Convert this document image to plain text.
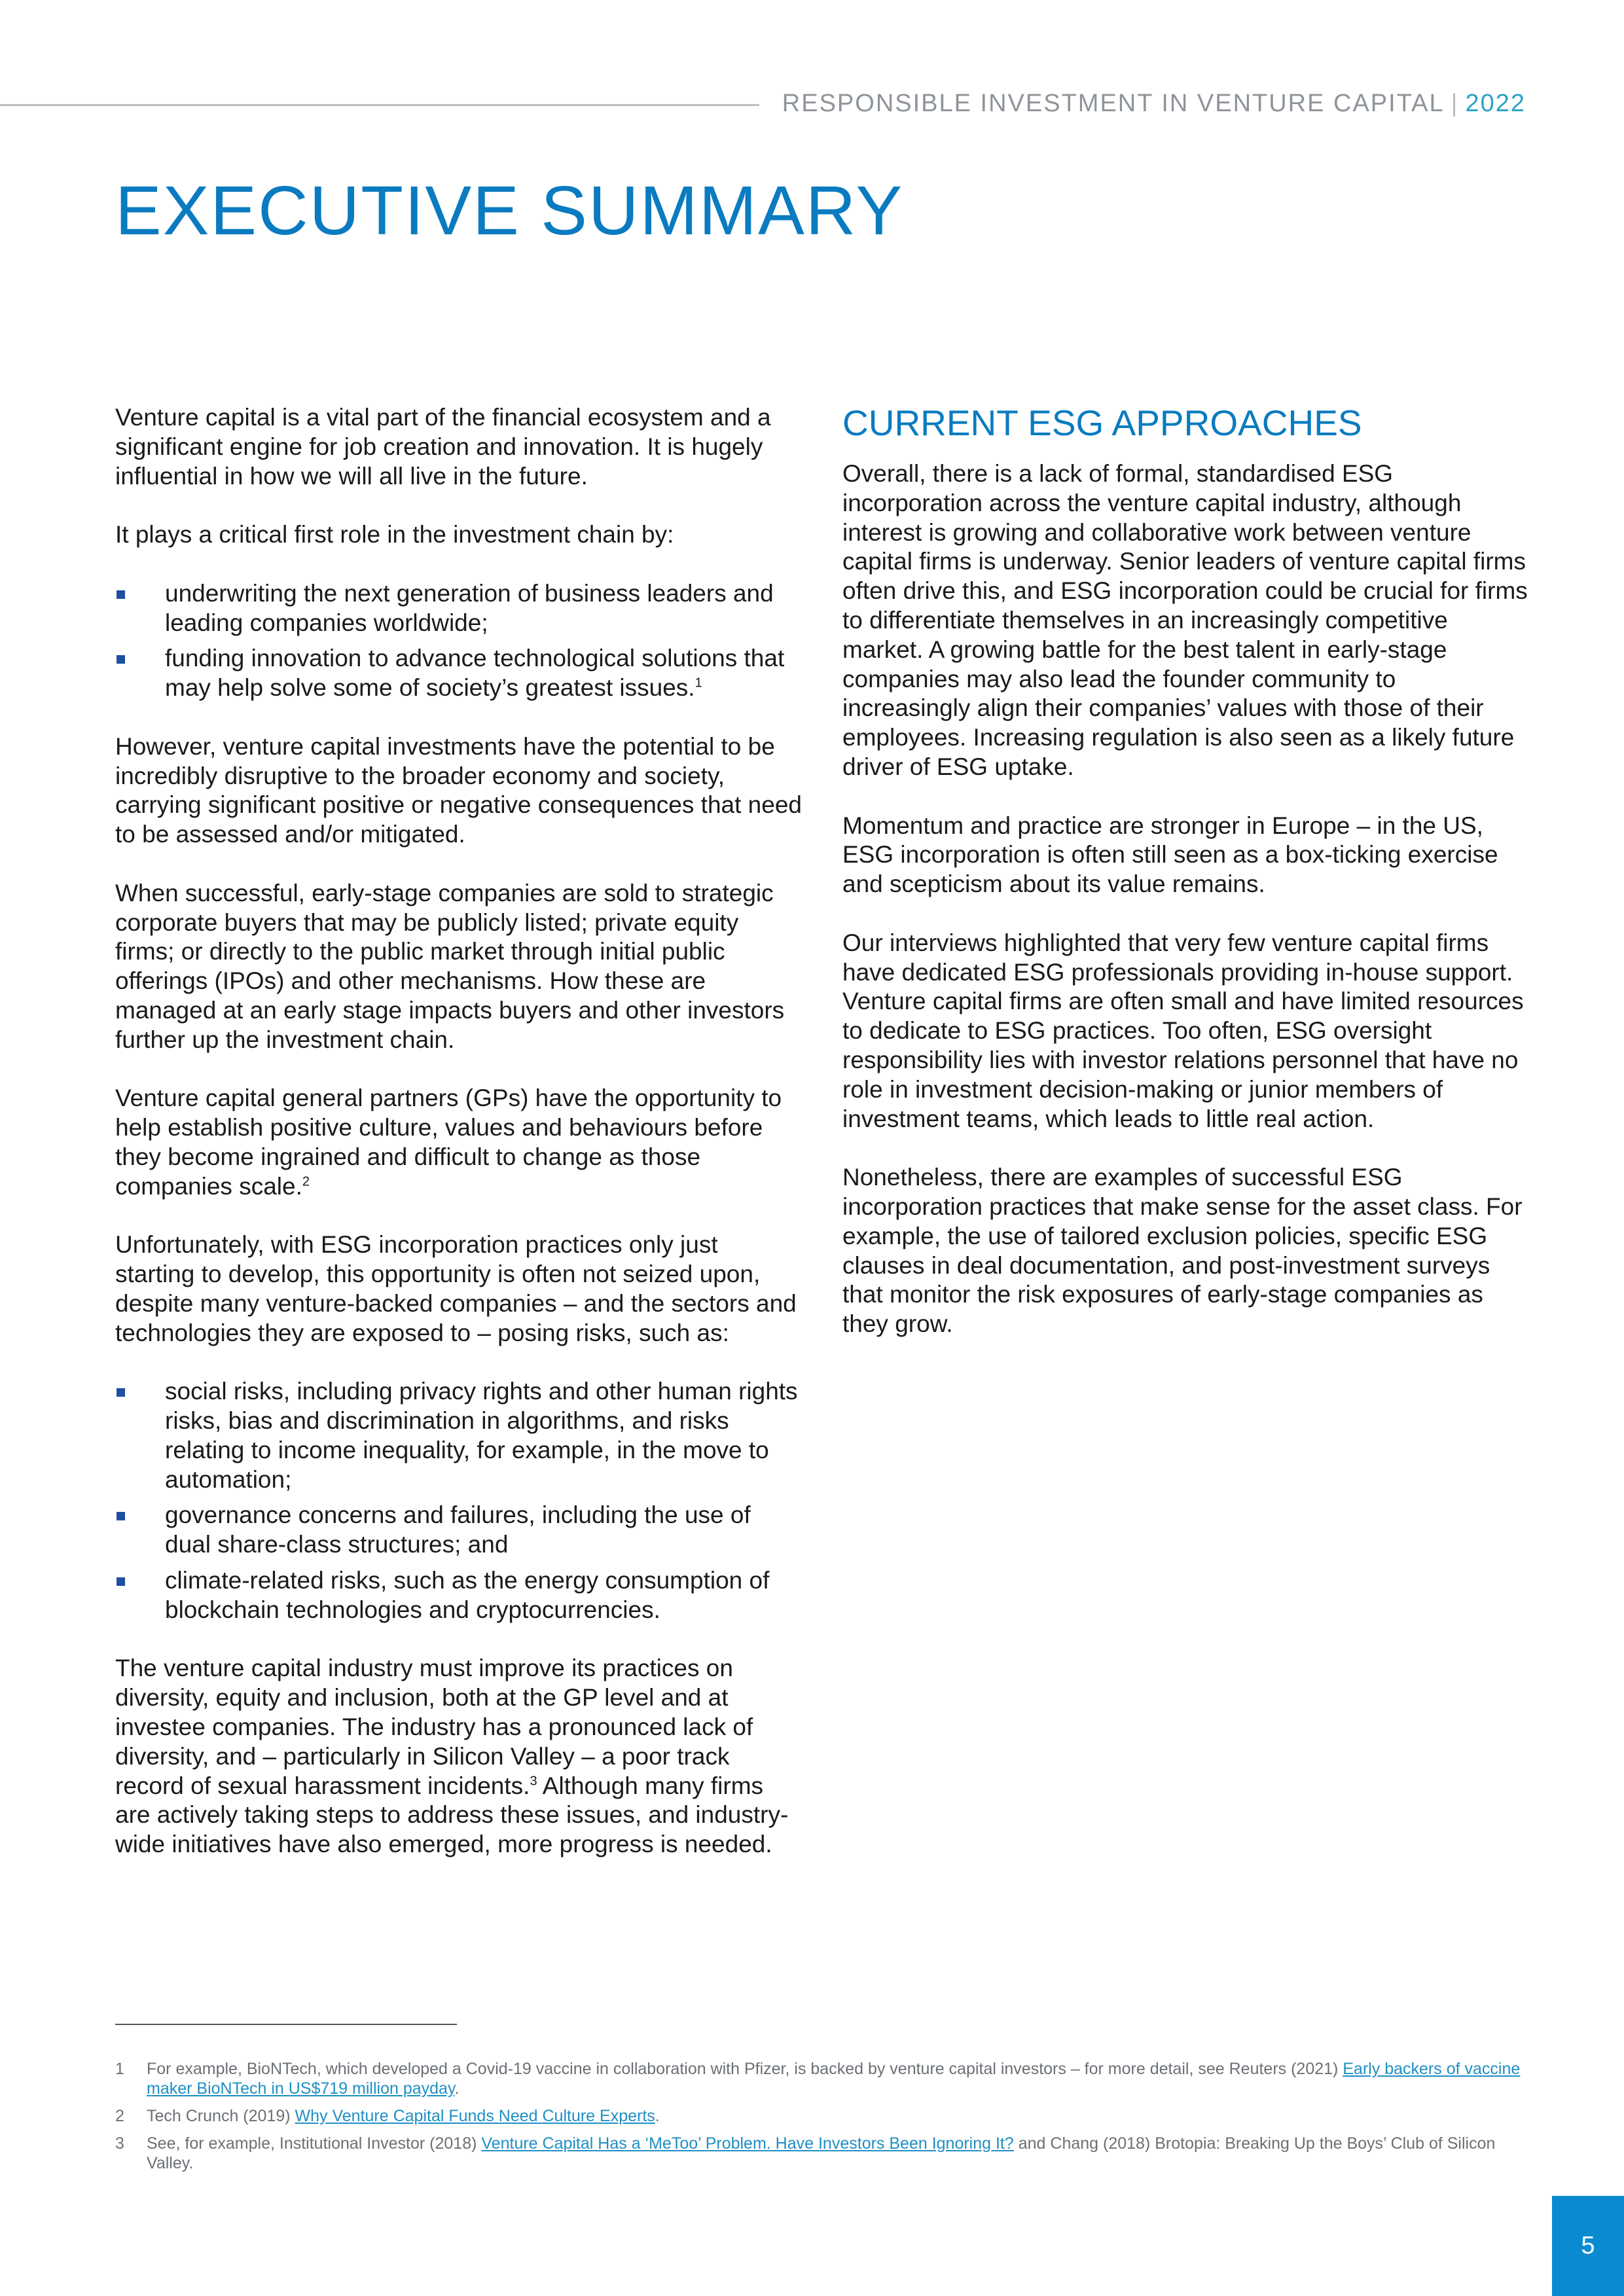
RESPONSIBLE INVESTMENT IN VENTURE CAPITAL | 2022
EXECUTIVE SUMMARY

Venture capital is a vital part of the financial ecosystem and a significant engine for job creation and innovation. It is hugely influential in how we will all live in the future.

It plays a critical first role in the investment chain by:

underwriting the next generation of business leaders and leading companies worldwide;
funding innovation to advance technological solutions that may help solve some of society’s greatest issues.$^1$

However, venture capital investments have the potential to be incredibly disruptive to the broader economy and society, carrying significant positive or negative consequences that need to be assessed and/or mitigated.

When successful, early-stage companies are sold to strategic corporate buyers that may be publicly listed; private equity firms; or directly to the public market through initial public offerings (IPOs) and other mechanisms. How these are managed at an early stage impacts buyers and other investors further up the investment chain.

Venture capital general partners (GPs) have the opportunity to help establish positive culture, values and behaviours before they become ingrained and difficult to change as those companies scale.$^2$

Unfortunately, with ESG incorporation practices only just starting to develop, this opportunity is often not seized upon, despite many venture-backed companies – and the sectors and technologies they are exposed to – posing risks, such as:

social risks, including privacy rights and other human rights risks, bias and discrimination in algorithms, and risks relating to income inequality, for example, in the move to automation;
governance concerns and failures, including the use of dual share-class structures; and
climate-related risks, such as the energy consumption of blockchain technologies and cryptocurrencies.

The venture capital industry must improve its practices on diversity, equity and inclusion, both at the GP level and at investee companies. The industry has a pronounced lack of diversity, and – particularly in Silicon Valley – a poor track record of sexual harassment incidents.$^3$ Although many firms are actively taking steps to address these issues, and industry-wide initiatives have also emerged, more progress is needed.

CURRENT ESG APPROACHES

Overall, there is a lack of formal, standardised ESG incorporation across the venture capital industry, although interest is growing and collaborative work between venture capital firms is underway. Senior leaders of venture capital firms often drive this, and ESG incorporation could be crucial for firms to differentiate themselves in an increasingly competitive market. A growing battle for the best talent in early-stage companies may also lead the founder community to increasingly align their companies’ values with those of their employees. Increasing regulation is also seen as a likely future driver of ESG uptake.

Momentum and practice are stronger in Europe – in the US, ESG incorporation is often still seen as a box-ticking exercise and scepticism about its value remains.

Our interviews highlighted that very few venture capital firms have dedicated ESG professionals providing in-house support. Venture capital firms are often small and have limited resources to dedicate to ESG practices. Too often, ESG oversight responsibility lies with investor relations personnel that have no role in investment decision-making or junior members of investment teams, which leads to little real action.

Nonetheless, there are examples of successful ESG incorporation practices that make sense for the asset class. For example, the use of tailored exclusion policies, specific ESG clauses in deal documentation, and post-investment surveys that monitor the risk exposures of early-stage companies as they grow.

1 For example, BioNTech, which developed a Covid-19 vaccine in collaboration with Pfizer, is backed by venture capital investors – for more detail, see Reuters (2021) Early backers of vaccine maker BioNTech in US$719 million payday.
2 Tech Crunch (2019) Why Venture Capital Funds Need Culture Experts.
3 See, for example, Institutional Investor (2018) Venture Capital Has a ‘MeToo’ Problem. Have Investors Been Ignoring It? and Chang (2018) Brotopia: Breaking Up the Boys’ Club of Silicon Valley.
5
